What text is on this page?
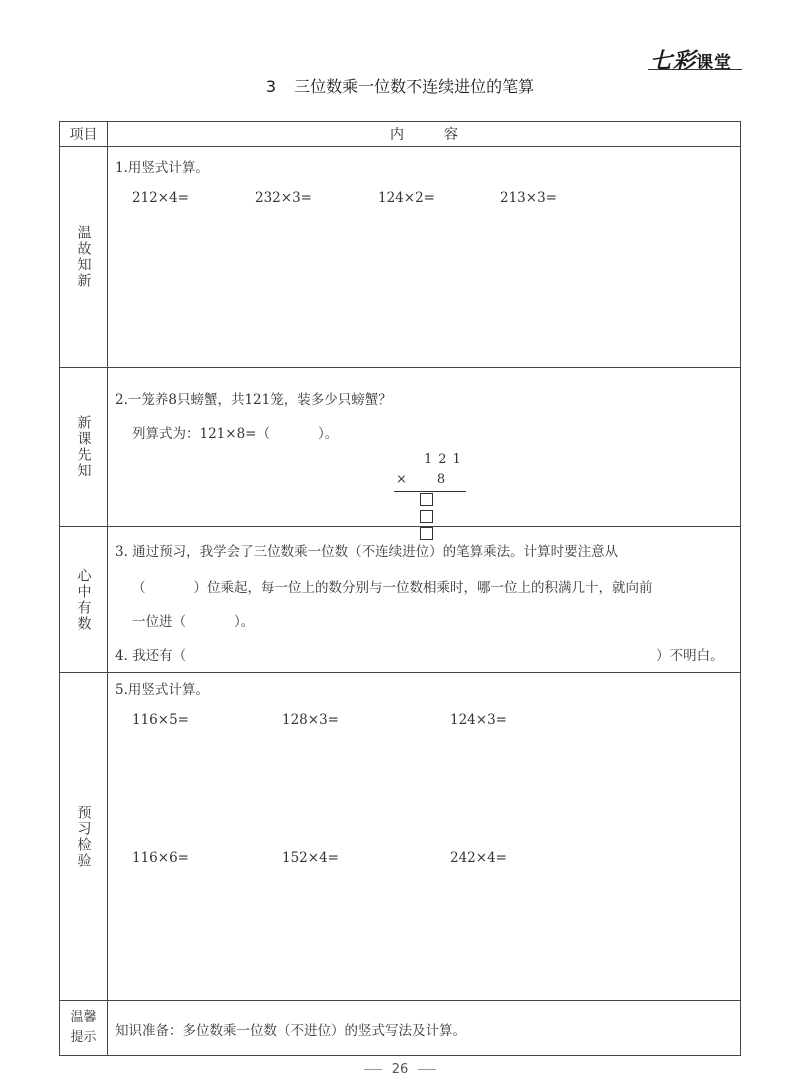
七彩课堂
3 三位数乘一位数不连续进位的笔算
项目	内容
温故知新
1.用竖式计算。
212×4=	232×3=	124×2=	213×3=
新课先知
2.一笼养8只螃蟹，共121笼，装多少只螃蟹？
列算式为：121×8=（	）。
121
× 8
心中有数
3. 通过预习，我学会了三位数乘一位数（不连续进位）的笔算乘法。计算时要注意从
（	）位乘起，每一位上的数分别与一位数相乘时，哪一位上的积满几十，就向前
一位进（	）。
4. 我还有（	）不明白。
预习检验
5.用竖式计算。
116×5=	128×3=	124×3=
116×6=	152×4=	242×4=
温馨
提示 知识准备：多位数乘一位数（不进位）的竖式写法及计算。
26
